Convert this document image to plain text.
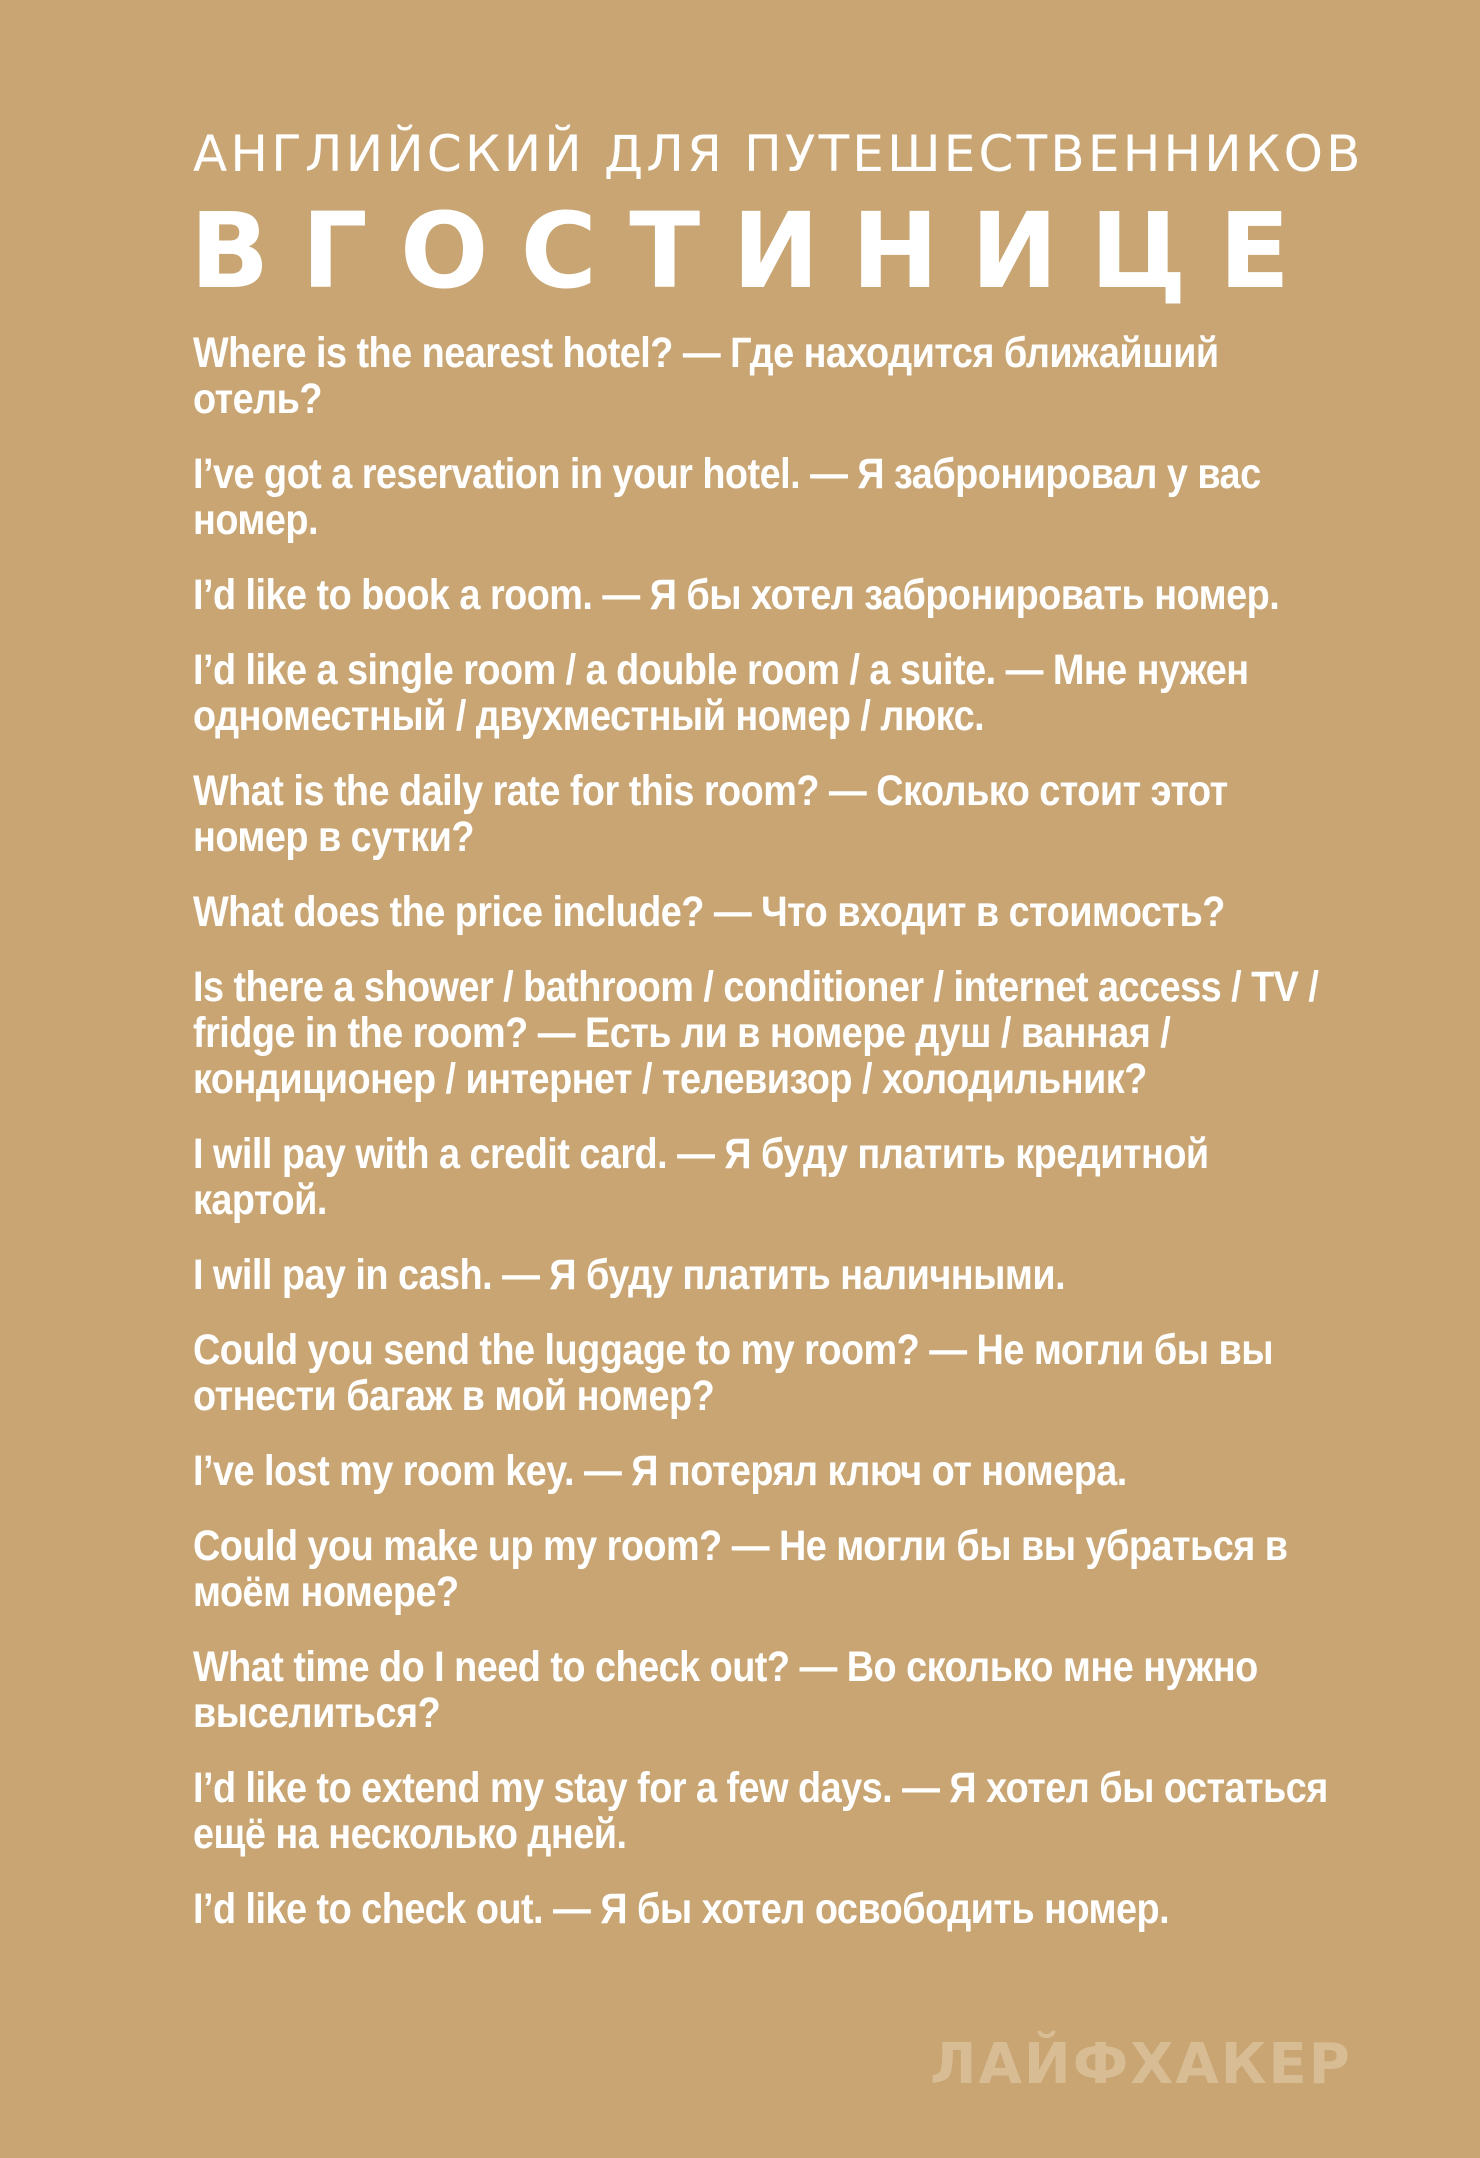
АНГЛИЙСКИЙ ДЛЯ ПУТЕШЕСТВЕННИКОВ
В Г О С Т И Н И Ц Е
Where is the nearest hotel? — Где находится ближайший отель?
I’ve got a reservation in your hotel. — Я забронировал у вас номер.
I’d like to book a room. — Я бы хотел забронировать номер.
I’d like a single room / a double room / a suite. — Мне нужен одноместный / двухместный номер / люкс.
What is the daily rate for this room? — Сколько стоит этот номер в сутки?
What does the price include? — Что входит в стоимость?
Is there a shower / bathroom / conditioner / internet access / TV / fridge in the room? — Есть ли в номере душ / ванная / кондиционер / интернет / телевизор / холодильник?
I will pay with a credit card. — Я буду платить кредитной картой.
I will pay in cash. — Я буду платить наличными.
Could you send the luggage to my room? — Не могли бы вы отнести багаж в мой номер?
I’ve lost my room key. — Я потерял ключ от номера.
Could you make up my room? — Не могли бы вы убраться в моём номере?
What time do I need to check out? — Во сколько мне нужно выселиться?
I’d like to extend my stay for a few days. — Я хотел бы остаться ещё на несколько дней.
I’d like to check out. — Я бы хотел освободить номер.
ЛАЙФХАКЕР
